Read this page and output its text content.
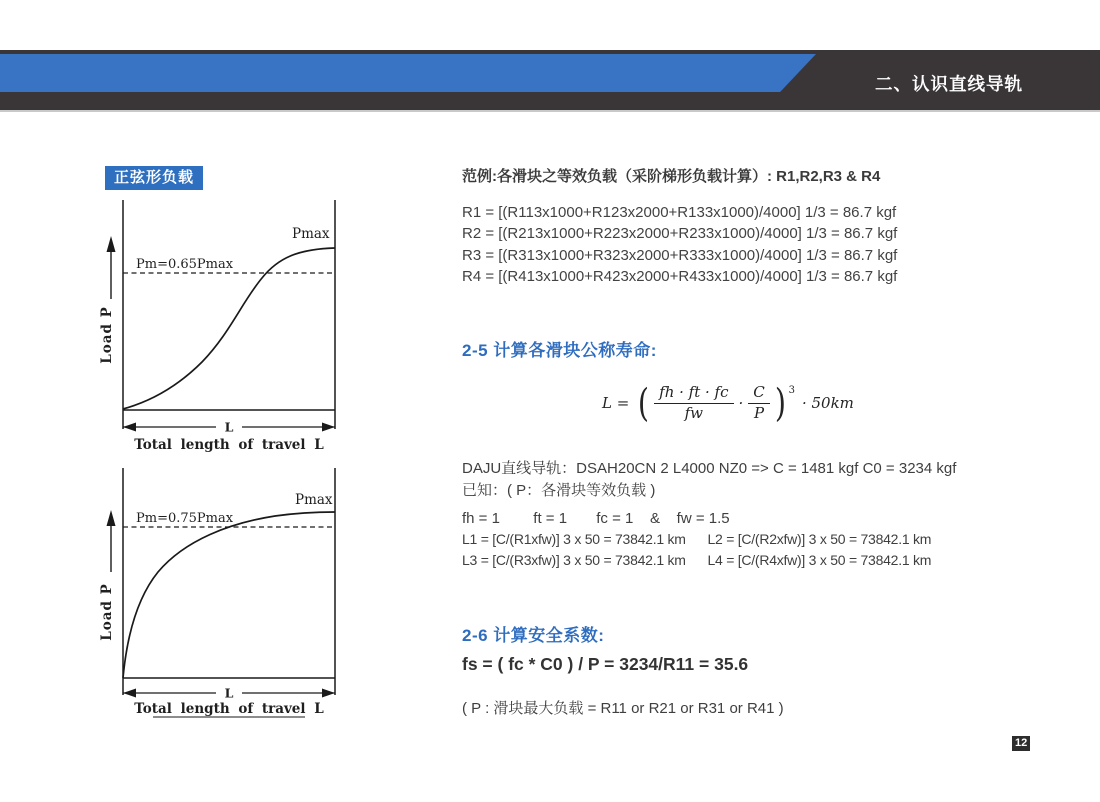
HENGERDA NEW MATERIALS (FUJIAN) CO., LTD.
二、认识直线导轨
正弦形负载
Pm=0.65Pmax
Pmax
Load P
L
Total length of travel L
Pm=0.75Pmax
Pmax
Load P
L
Total length of travel L
范例:各滑块之等效负载（采阶梯形负载计算）: R1,R2,R3 & R4
R1 = [(R113x1000+R123x2000+R133x1000)/4000] 1/3 = 86.7 kgf
R2 = [(R213x1000+R223x2000+R233x1000)/4000] 1/3 = 86.7 kgf
R3 = [(R313x1000+R323x2000+R333x1000)/4000] 1/3 = 86.7 kgf
R4 = [(R413x1000+R423x2000+R433x1000)/4000] 1/3 = 86.7 kgf
2-5 计算各滑块公称寿命:
L = ( $\frac{fh \cdot ft \cdot fc}{fw} \cdot \frac{C}{P}$ ) 3
· 50km
DAJU直线导轨：DSAH20CN 2 L4000 NZ0 => C = 1481 kgf C0 = 3234 kgf
已知：( P：各滑块等效负载 )
fh = 1        ft = 1       fc = 1    &    fw = 1.5
L1 = [C/(R1xfw)] 3 x 50 = 73842.1 km      L2 = [C/(R2xfw)] 3 x 50 = 73842.1 km
L3 = [C/(R3xfw)] 3 x 50 = 73842.1 km      L4 = [C/(R4xfw)] 3 x 50 = 73842.1 km
2-6 计算安全系数:
fs = ( fc * C0 ) / P = 3234/R11 = 35.6
( P : 滑块最大负载 = R11 or R21 or R31 or R41 )
12
